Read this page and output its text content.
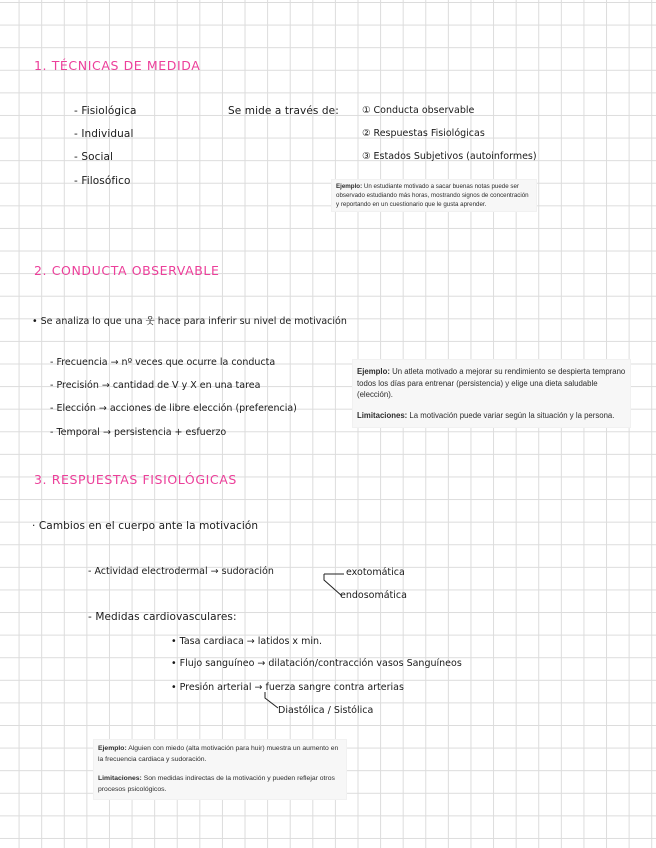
1. TÉCNICAS DE MEDIDA
- Fisiológica
- Individual
- Social
- Filosófico
Se mide a través de: ① Conducta observable
② Respuestas Fisiológicas
③ Estados Subjetivos (autoinformes)
Ejemplo: Un estudiante motivado a sacar buenas notas puede ser observado estudiando más horas, mostrando signos de concentración y reportando en un cuestionario que le gusta aprender.
2. CONDUCTA OBSERVABLE
• Se analiza lo que una 웃 hace para inferir su nivel de motivación
- Frecuencia → nº veces que ocurre la conducta
- Precisión → cantidad de V y X en una tarea
- Elección → acciones de libre elección (preferencia)
- Temporal → persistencia + esfuerzo
Ejemplo: Un atleta motivado a mejorar su rendimiento se despierta temprano todos los días para entrenar (persistencia) y elige una dieta saludable (elección).
Limitaciones: La motivación puede variar según la situación y la persona.
3. RESPUESTAS FISIOLÓGICAS
· Cambios en el cuerpo ante la motivación
- Actividad electrodermal → sudoración	exotomática
endosomática
- Medidas cardiovasculares:
• Tasa cardiaca → latidos x min.
• Flujo sanguíneo → dilatación/contracción vasos Sanguíneos
• Presión arterial → fuerza sangre contra arterias
Diastólica / Sistólica
Ejemplo: Alguien con miedo (alta motivación para huir) muestra un aumento en la frecuencia cardiaca y sudoración.
Limitaciones: Son medidas indirectas de la motivación y pueden reflejar otros procesos psicológicos.
